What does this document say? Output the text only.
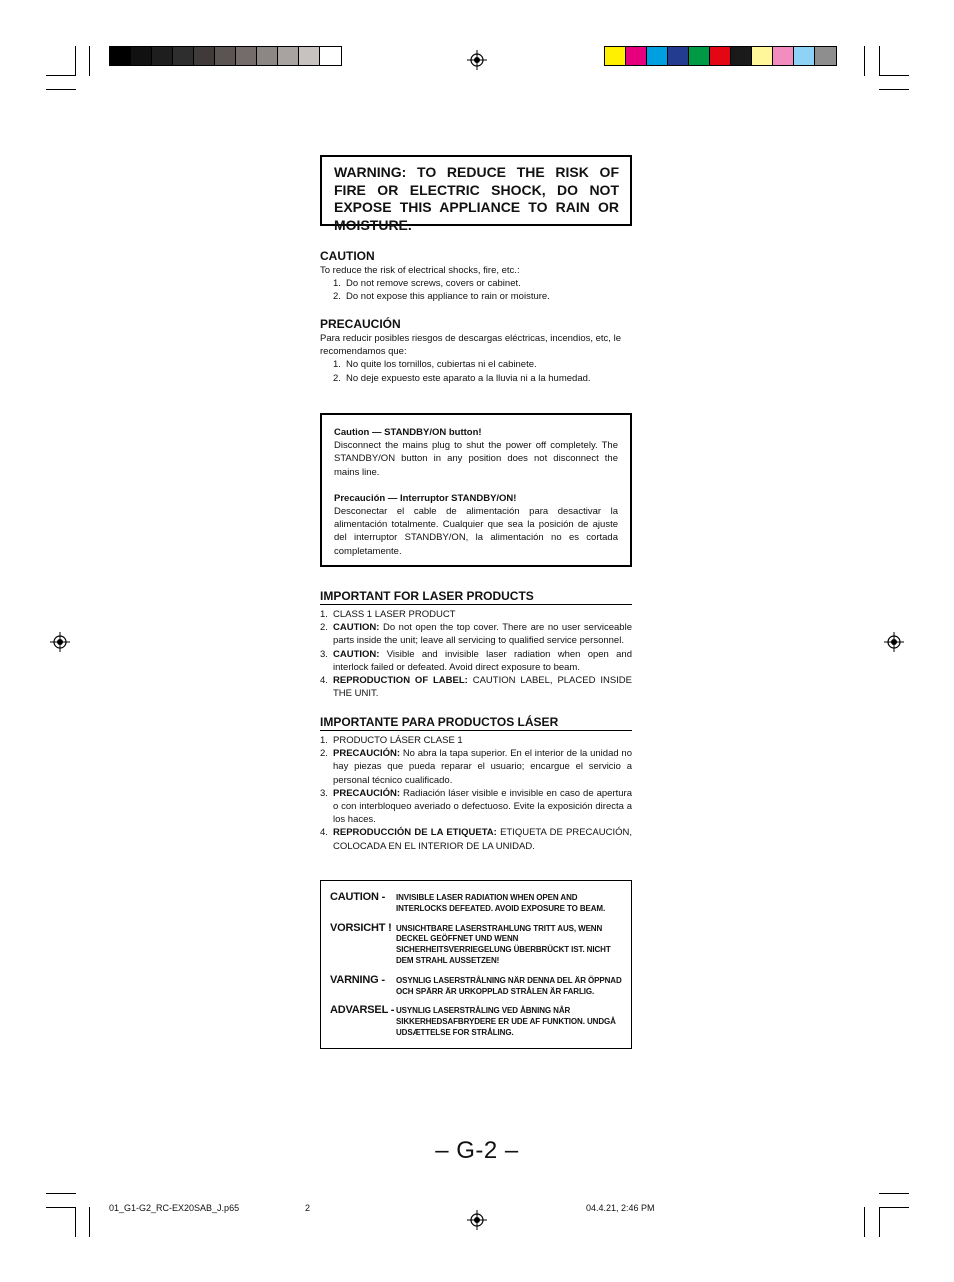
WARNING: TO REDUCE THE RISK OF FIRE OR ELECTRIC SHOCK, DO NOT EXPOSE THIS APPLIANCE TO RAIN OR MOISTURE.
CAUTION
To reduce the risk of electrical shocks, fire, etc.:
1. Do not remove screws, covers or cabinet.
2. Do not expose this appliance to rain or moisture.
PRECAUCIÓN
Para reducir posibles riesgos de descargas eléctricas, incendios, etc, le recomendamos que:
1. No quite los tornillos, cubiertas ni el cabinete.
2. No deje expuesto este aparato a la lluvia ni a la humedad.
Caution — STANDBY/ON button!
Disconnect the mains plug to shut the power off completely. The STANDBY/ON button in any position does not disconnect the mains line.
Precaución — Interruptor STANDBY/ON!
Desconectar el cable de alimentación para desactivar la alimentación totalmente. Cualquier que sea la posición de ajuste del interruptor STANDBY/ON, la alimentación no es cortada completamente.
IMPORTANT FOR LASER PRODUCTS
1. CLASS 1 LASER PRODUCT
2. CAUTION: Do not open the top cover. There are no user serviceable parts inside the unit; leave all servicing to qualified service personnel.
3. CAUTION: Visible and invisible laser radiation when open and interlock failed or defeated. Avoid direct exposure to beam.
4. REPRODUCTION OF LABEL: CAUTION LABEL, PLACED INSIDE THE UNIT.
IMPORTANTE PARA PRODUCTOS LÁSER
1. PRODUCTO LÁSER CLASE 1
2. PRECAUCIÓN: No abra la tapa superior. En el interior de la unidad no hay piezas que pueda reparar el usuario; encargue el servicio a personal técnico cualificado.
3. PRECAUCIÓN: Radiación láser visible e invisible en caso de apertura o con interbloqueo averiado o defectuoso. Evite la exposición directa a los haces.
4. REPRODUCCIÓN DE LA ETIQUETA: ETIQUETA DE PRECAUCIÓN, COLOCADA EN EL INTERIOR DE LA UNIDAD.
CAUTION -	INVISIBLE LASER RADIATION WHEN OPEN AND INTERLOCKS DEFEATED. AVOID EXPOSURE TO BEAM.
VORSICHT ! UNSICHTBARE LASERSTRAHLUNG TRITT AUS, WENN DECKEL GEÖFFNET UND WENN SICHERHEITSVERRIEGELUNG ÜBERBRÜCKT IST. NICHT DEM STRAHL AUSSETZEN!
VARNING -	OSYNLIG LASERSTRÅLNING NÄR DENNA DEL ÄR ÖPPNAD OCH SPÄRR ÄR URKOPPLAD STRÅLEN ÄR FARLIG.
ADVARSEL - USYNLIG LASERSTRÅLING VED ÅBNING NÅR SIKKERHEDSAFBRYDERE ER UDE AF FUNKTION. UNDGÅ UDSÆTTELSE FOR STRÅLING.
– G-2 –
01_G1-G2_RC-EX20SAB_J.p65	2	04.4.21, 2:46 PM
